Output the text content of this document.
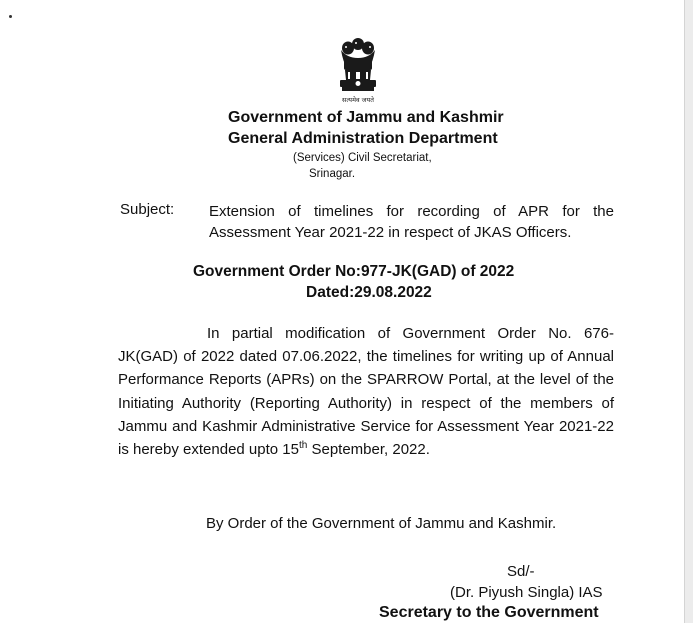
सत्यमेव जयते
Government of Jammu and Kashmir
General Administration Department
(Services) Civil Secretariat,
Srinagar.
Subject: Extension of timelines for recording of APR for the Assessment Year 2021-22 in respect of JKAS Officers.
Government Order No:977-JK(GAD) of 2022
Dated:29.08.2022
In partial modification of Government Order No. 676-JK(GAD) of 2022 dated 07.06.2022, the timelines for writing up of Annual Performance Reports (APRs) on the SPARROW Portal, at the level of the Initiating Authority (Reporting Authority) in respect of the members of Jammu and Kashmir Administrative Service for Assessment Year 2021-22 is hereby extended upto 15th September, 2022.
By Order of the Government of Jammu and Kashmir.
Sd/-
(Dr. Piyush Singla) IAS
Secretary to the Government
